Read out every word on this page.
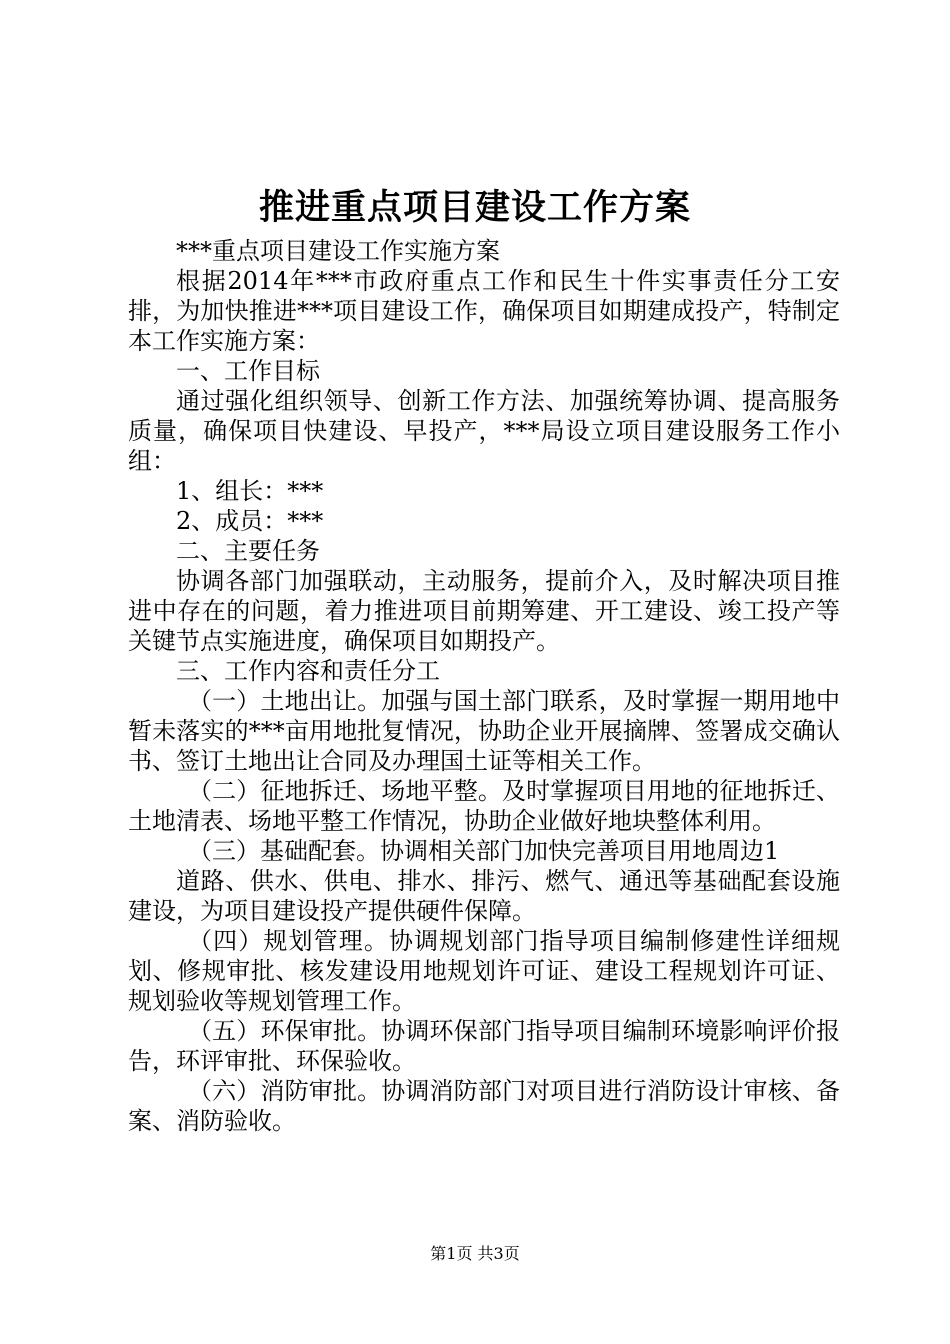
推进重点项目建设工作方案

***重点项目建设工作实施方案

根据2014年***市政府重点工作和民生十件实事责任分工安排，为加快推进***项目建设工作，确保项目如期建成投产，特制定本工作实施方案：

一、工作目标

通过强化组织领导、创新工作方法、加强统筹协调、提高服务质量，确保项目快建设、早投产，***局设立项目建设服务工作小组：

1、组长：***

2、成员：***

二、主要任务

协调各部门加强联动，主动服务，提前介入，及时解决项目推进中存在的问题，着力推进项目前期筹建、开工建设、竣工投产等关键节点实施进度，确保项目如期投产。

三、工作内容和责任分工

（一）土地出让。加强与国土部门联系，及时掌握一期用地中暂未落实的***亩用地批复情况，协助企业开展摘牌、签署成交确认书、签订土地出让合同及办理国土证等相关工作。

（二）征地拆迁、场地平整。及时掌握项目用地的征地拆迁、土地清表、场地平整工作情况，协助企业做好地块整体利用。

（三）基础配套。协调相关部门加快完善项目用地周边1

道路、供水、供电、排水、排污、燃气、通迅等基础配套设施建设，为项目建设投产提供硬件保障。

（四）规划管理。协调规划部门指导项目编制修建性详细规划、修规审批、核发建设用地规划许可证、建设工程规划许可证、规划验收等规划管理工作。

（五）环保审批。协调环保部门指导项目编制环境影响评价报告，环评审批、环保验收。

（六）消防审批。协调消防部门对项目进行消防设计审核、备案、消防验收。

第1页 共3页
